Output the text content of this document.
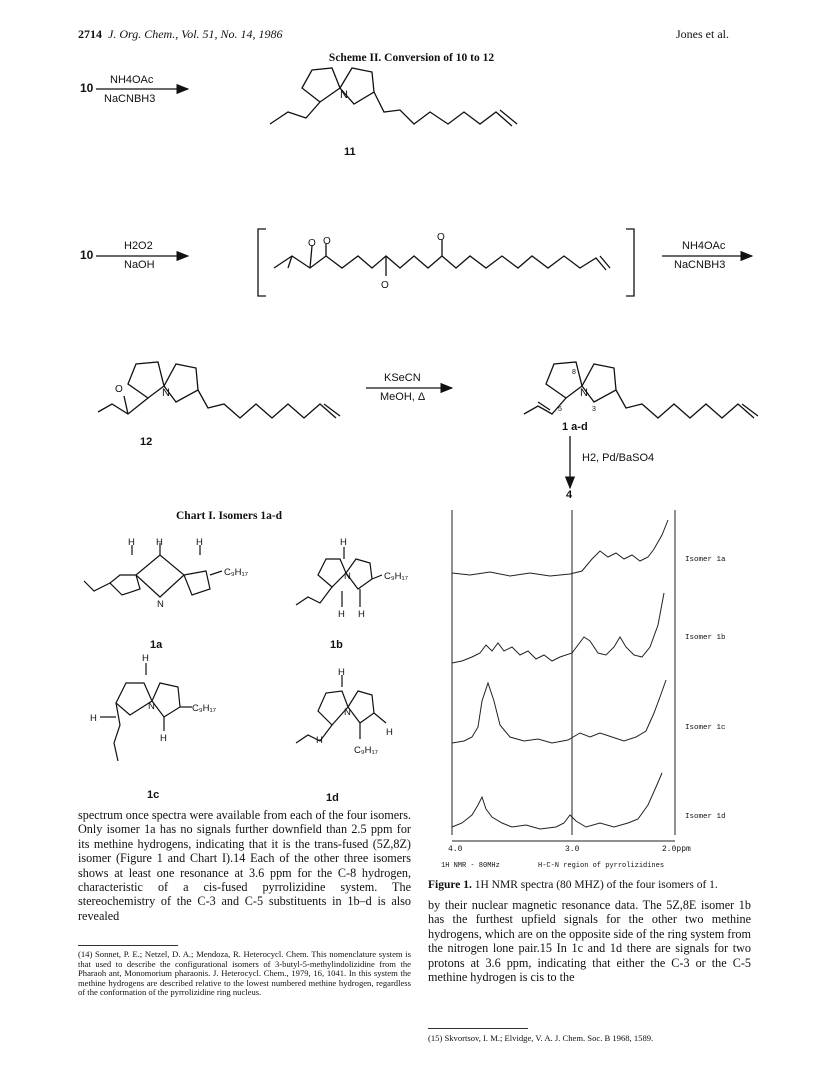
2714 J. Org. Chem., Vol. 51, No. 14, 1986	Jones et al.
Scheme II. Conversion of 10 to 12
N
O O	O
O
O	N	N
8
5	3
10
NH4OAc
NaCNBH3
11
10
H2O2
NaOH
NH4OAc
NaCNBH3
12
KSeCN
MeOH, Δ
1 a-d
H2, Pd/BaSO4
4
Chart I. Isomers 1a-d
H H	H
N
C₉H₁₇
H
N	C₉H₁₇
H H
H
N	C₉H₁₇
H
H
H
N
H
H
C₉H₁₇
1a	1b
1c	1d
spectrum once spectra were available from each of the four isomers. Only isomer 1a has no signals further downfield than 2.5 ppm for its methine hydrogens, indicating that it is the trans-fused (5Z,8Z) isomer (Figure 1 and Chart I).14 Each of the other three isomers shows at least one resonance at 3.6 ppm for the C-8 hydrogen, characteristic of a cis-fused pyrrolizidine system. The stereochemistry of the C-3 and C-5 substituents in 1b–d is also revealed
(14) Sonnet, P. E.; Netzel, D. A.; Mendoza, R. Heterocycl. Chem. This nomenclature system is that used to describe the configurational isomers of 3-butyl-5-methylindolizidine from the Pharaoh ant, Monomorium pharaonis. J. Heterocycl. Chem., 1979, 16, 1041. In this system the methine hydrogens are described relative to the lowest numbered methine hydrogen, regardless of the conformation of the pyrrolizidine ring nucleus.
Isomer 1a
Isomer 1b
Isomer 1c
Isomer 1d
4.0	3.0	2.0ppm
1H NMR - 80MHz	H-C-N region of pyrrolizidines
Figure 1. 1H NMR spectra (80 MHZ) of the four isomers of 1.
by their nuclear magnetic resonance data. The 5Z,8E isomer 1b has the furthest upfield signals for the other two methine hydrogens, which are on the opposite side of the ring system from the nitrogen lone pair.15 In 1c and 1d there are signals for two protons at 3.6 ppm, indicating that either the C-3 or the C-5 methine hydrogen is cis to the
(15) Skvortsov, I. M.; Elvidge, V. A. J. Chem. Soc. B 1968, 1589.
